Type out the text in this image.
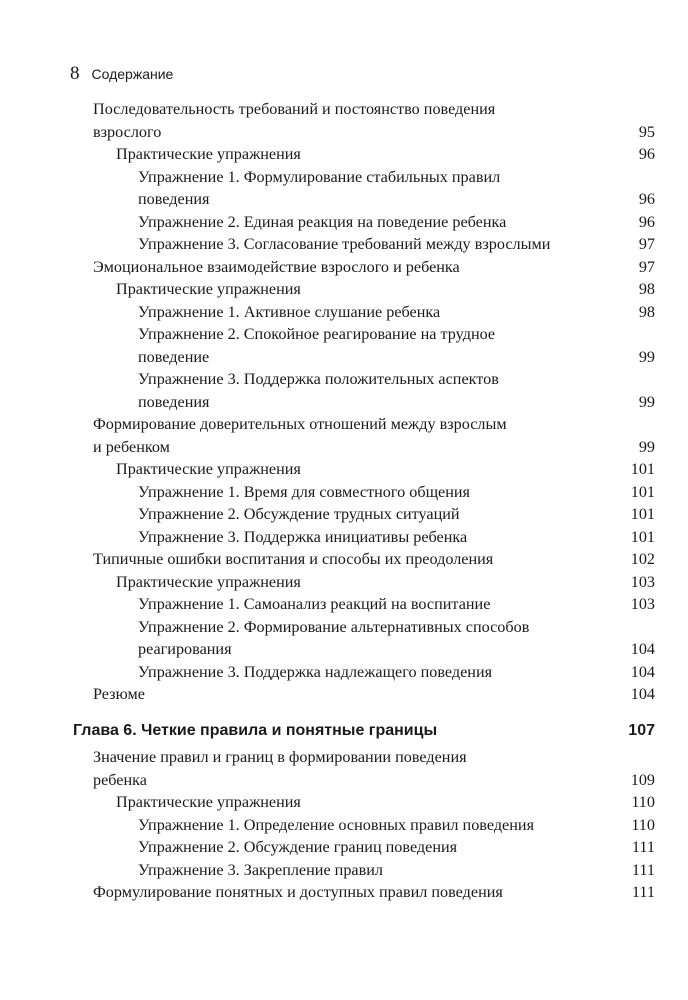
8 Содержание
Последовательность требований и постоянство поведения
взрослого	95
Практические упражнения	96
Упражнение 1. Формулирование стабильных правил
поведения	96
Упражнение 2. Единая реакция на поведение ребенка	96
Упражнение 3. Согласование требований между взрослыми	97
Эмоциональное взаимодействие взрослого и ребенка	97
Практические упражнения	98
Упражнение 1. Активное слушание ребенка	98
Упражнение 2. Спокойное реагирование на трудное
поведение	99
Упражнение 3. Поддержка положительных аспектов
поведения	99
Формирование доверительных отношений между взрослым
и ребенком	99
Практические упражнения	101
Упражнение 1. Время для совместного общения	101
Упражнение 2. Обсуждение трудных ситуаций	101
Упражнение 3. Поддержка инициативы ребенка	101
Типичные ошибки воспитания и способы их преодоления	102
Практические упражнения	103
Упражнение 1. Самоанализ реакций на воспитание	103
Упражнение 2. Формирование альтернативных способов
реагирования	104
Упражнение 3. Поддержка надлежащего поведения	104
Резюме	104
Глава 6. Четкие правила и понятные границы	107
Значение правил и границ в формировании поведения
ребенка	109
Практические упражнения	110
Упражнение 1. Определение основных правил поведения	110
Упражнение 2. Обсуждение границ поведения	111
Упражнение 3. Закрепление правил	111
Формулирование понятных и доступных правил поведения	111
